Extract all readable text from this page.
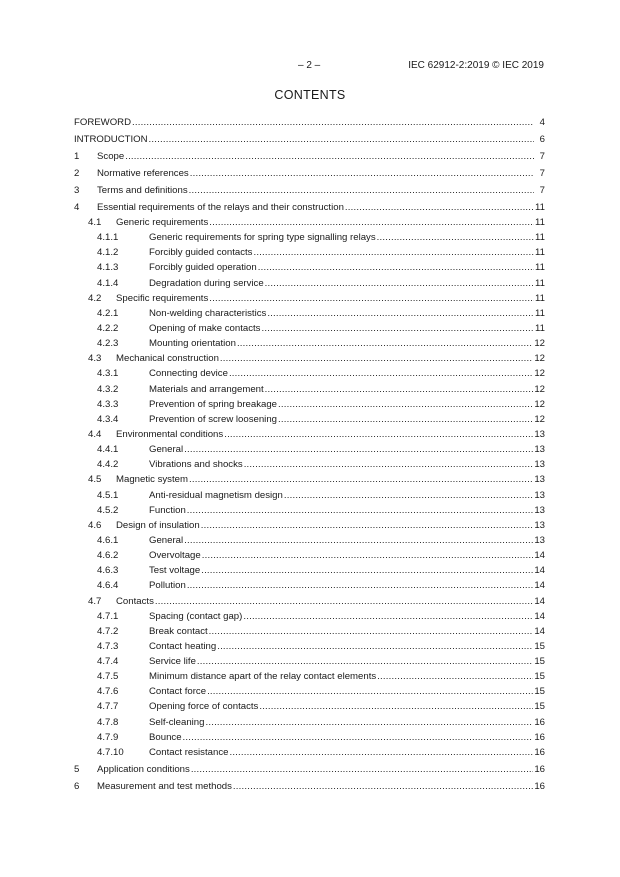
– 2 –	IEC 62912-2:2019 © IEC 2019
CONTENTS
FOREWORD .....	4
INTRODUCTION .....	6
1	Scope .....	7
2	Normative references .....	7
3	Terms and definitions .....	7
4	Essential requirements of the relays and their construction .....	11
4.1	Generic requirements .....	11
4.1.1	Generic requirements for spring type signalling relays .....	11
4.1.2	Forcibly guided contacts .....	11
4.1.3	Forcibly guided operation .....	11
4.1.4	Degradation during service .....	11
4.2	Specific requirements .....	11
4.2.1	Non-welding characteristics .....	11
4.2.2	Opening of make contacts .....	11
4.2.3	Mounting orientation .....	12
4.3	Mechanical construction .....	12
4.3.1	Connecting device .....	12
4.3.2	Materials and arrangement .....	12
4.3.3	Prevention of spring breakage .....	12
4.3.4	Prevention of screw loosening .....	12
4.4	Environmental conditions .....	13
4.4.1	General .....	13
4.4.2	Vibrations and shocks .....	13
4.5	Magnetic system .....	13
4.5.1	Anti-residual magnetism design .....	13
4.5.2	Function .....	13
4.6	Design of insulation .....	13
4.6.1	General .....	13
4.6.2	Overvoltage .....	14
4.6.3	Test voltage .....	14
4.6.4	Pollution .....	14
4.7	Contacts .....	14
4.7.1	Spacing (contact gap) .....	14
4.7.2	Break contact .....	14
4.7.3	Contact heating .....	15
4.7.4	Service life .....	15
4.7.5	Minimum distance apart of the relay contact elements .....	15
4.7.6	Contact force .....	15
4.7.7	Opening force of contacts .....	15
4.7.8	Self-cleaning .....	16
4.7.9	Bounce .....	16
4.7.10	Contact resistance .....	16
5	Application conditions .....	16
6	Measurement and test methods .....	16
